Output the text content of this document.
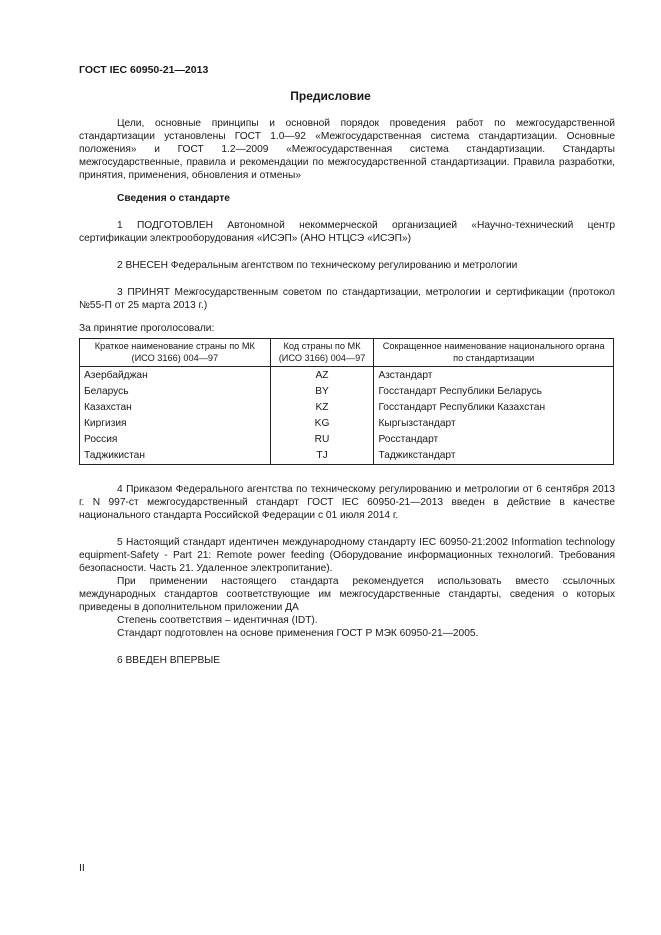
ГОСТ IEC 60950-21—2013
Предисловие

Цели, основные принципы и основной порядок проведения работ по межгосударственной стандартизации установлены ГОСТ 1.0—92 «Межгосударственная система стандартизации. Основные положения» и ГОСТ 1.2—2009 «Межгосударственная система стандартизации. Стандарты межгосударственные, правила и рекомендации по межгосударственной стандартизации. Правила разработки, принятия, применения, обновления и отмены»

Сведения о стандарте

1 ПОДГОТОВЛЕН Автономной некоммерческой организацией «Научно-технический центр сертификации электрооборудования «ИСЭП» (АНО НТЦСЭ «ИСЭП»)

2 ВНЕСЕН Федеральным агентством по техническому регулированию и метрологии

3 ПРИНЯТ Межгосударственным советом по стандартизации, метрологии и сертификации (протокол №55-П от 25 марта 2013 г.)

За принятие проголосовали:

Краткое наименование страны по МК (ИСО 3166) 004—97	Код страны по МК (ИСО 3166) 004—97	Сокращенное наименование национального органа по стандартизации
Азербайджан	AZ	Азстандарт
Беларусь	BY	Госстандарт Республики Беларусь
Казахстан	KZ	Госстандарт Республики Казахстан
Киргизия	KG	Кыргызстандарт
Россия	RU	Росстандарт
Таджикистан	TJ	Таджикстандарт

4 Приказом Федерального агентства по техническому регулированию и метрологии от 6 сентября 2013 г. N 997-ст межгосударственный стандарт ГОСТ IEC 60950-21—2013 введен в действие в качестве национального стандарта Российской Федерации с 01 июля 2014 г.

5 Настоящий стандарт идентичен международному стандарту IEC 60950-21:2002 Information technology equipment-Safety - Part 21: Remote power feeding (Оборудование информационных технологий. Требования безопасности. Часть 21. Удаленное электропитание).

При применении настоящего стандарта рекомендуется использовать вместо ссылочных международных стандартов соответствующие им межгосударственные стандарты, сведения о которых приведены в дополнительном приложении ДА

Степень соответствия – идентичная (IDT).

Стандарт подготовлен на основе применения ГОСТ Р МЭК 60950-21—2005.

6 ВВЕДЕН ВПЕРВЫЕ

II
